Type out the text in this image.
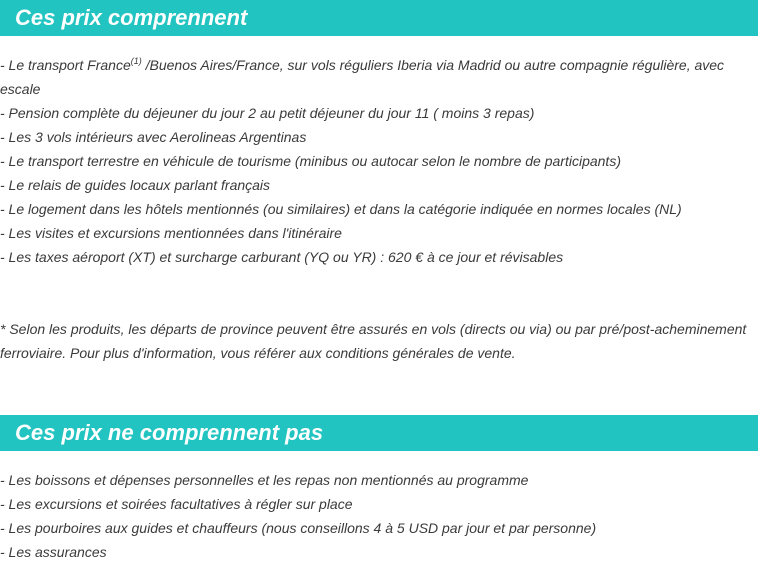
Ces prix comprennent
- Le transport France$^{(1)}$ /Buenos Aires/France, sur vols réguliers Iberia via Madrid ou autre compagnie régulière, avec escale
- Pension complète du déjeuner du jour 2 au petit déjeuner du jour 11 ( moins 3 repas)
- Les 3 vols intérieurs avec Aerolineas Argentinas
- Le transport terrestre en véhicule de tourisme (minibus ou autocar selon le nombre de participants)
- Le relais de guides locaux parlant français
- Le logement dans les hôtels mentionnés (ou similaires) et dans la catégorie indiquée en normes locales (NL)
- Les visites et excursions mentionnées dans l'itinéraire
- Les taxes aéroport (XT) et surcharge carburant (YQ ou YR) : 620 € à ce jour et révisables

* Selon les produits, les départs de province peuvent être assurés en vols (directs ou via) ou par pré/post-acheminement ferroviaire. Pour plus d'information, vous référer aux conditions générales de vente.

Ces prix ne comprennent pas
- Les boissons et dépenses personnelles et les repas non mentionnés au programme
- Les excursions et soirées facultatives à régler sur place
- Les pourboires aux guides et chauffeurs (nous conseillons 4 à 5 USD par jour et par personne)
- Les assurances
